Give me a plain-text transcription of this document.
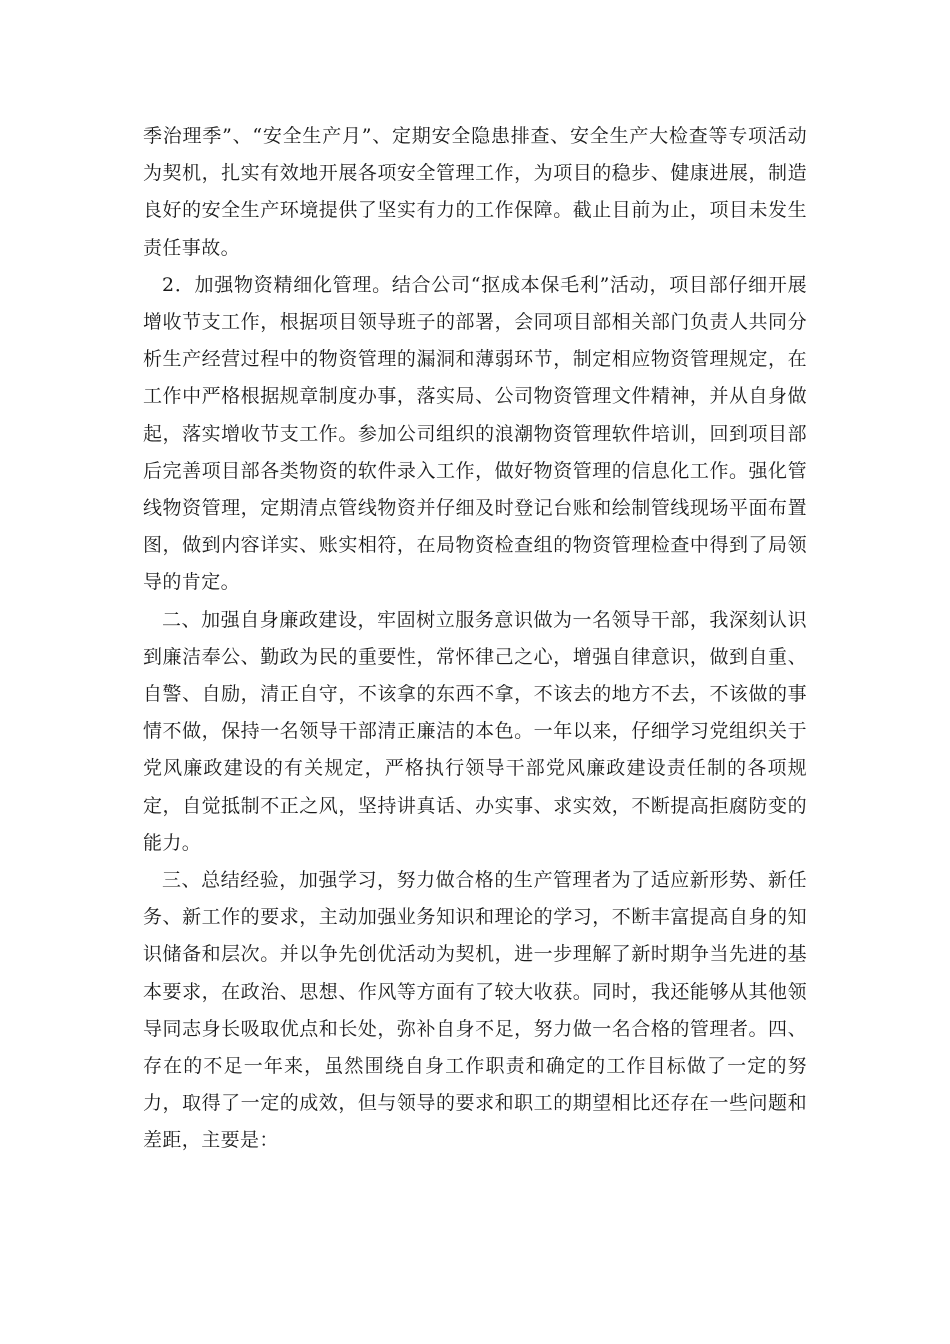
季治理季”、“安全生产月”、定期安全隐患排查、安全生产大检查等专项活动为契机，扎实有效地开展各项安全管理工作，为项目的稳步、健康进展，制造良好的安全生产环境提供了坚实有力的工作保障。截止目前为止，项目未发生责任事故。

2．加强物资精细化管理。结合公司“抠成本保毛利”活动，项目部仔细开展增收节支工作，根据项目领导班子的部署，会同项目部相关部门负责人共同分析生产经营过程中的物资管理的漏洞和薄弱环节，制定相应物资管理规定，在工作中严格根据规章制度办事，落实局、公司物资管理文件精神，并从自身做起，落实增收节支工作。参加公司组织的浪潮物资管理软件培训，回到项目部后完善项目部各类物资的软件录入工作，做好物资管理的信息化工作。强化管线物资管理，定期清点管线物资并仔细及时登记台账和绘制管线现场平面布置图，做到内容详实、账实相符，在局物资检查组的物资管理检查中得到了局领导的肯定。

二、加强自身廉政建设，牢固树立服务意识做为一名领导干部，我深刻认识到廉洁奉公、勤政为民的重要性，常怀律己之心，增强自律意识，做到自重、自警、自励，清正自守，不该拿的东西不拿，不该去的地方不去，不该做的事情不做，保持一名领导干部清正廉洁的本色。一年以来，仔细学习党组织关于党风廉政建设的有关规定，严格执行领导干部党风廉政建设责任制的各项规定，自觉抵制不正之风，坚持讲真话、办实事、求实效，不断提高拒腐防变的能力。

三、总结经验，加强学习，努力做合格的生产管理者为了适应新形势、新任务、新工作的要求，主动加强业务知识和理论的学习，不断丰富提高自身的知识储备和层次。并以争先创优活动为契机，进一步理解了新时期争当先进的基本要求，在政治、思想、作风等方面有了较大收获。同时，我还能够从其他领导同志身长吸取优点和长处，弥补自身不足，努力做一名合格的管理者。四、存在的不足一年来，虽然围绕自身工作职责和确定的工作目标做了一定的努力，取得了一定的成效，但与领导的要求和职工的期望相比还存在一些问题和差距，主要是：
